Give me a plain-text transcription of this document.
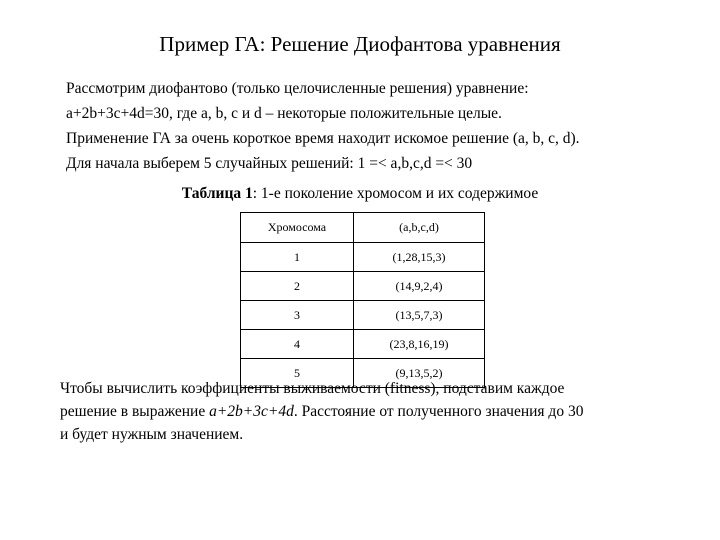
Пример ГА: Решение Диофантова уравнения
Рассмотрим диофантово (только целочисленные решения) уравнение:
a+2b+3c+4d=30, где a, b, c и d – некоторые положительные целые.
Применение ГА за очень короткое время находит искомое решение (a, b, c, d).
Для начала выберем 5 случайных решений: 1 =< a,b,c,d =< 30
Таблица 1: 1-е поколение хромосом и их содержимое
Хромосома	(a,b,c,d)
1	(1,28,15,3)
2	(14,9,2,4)
3	(13,5,7,3)
4	(23,8,16,19)
5	(9,13,5,2)
Чтобы вычислить коэффициенты выживаемости (fitness), подставим каждое
решение в выражение a+2b+3c+4d. Расстояние от полученного значения до 30
и будет нужным значением.
